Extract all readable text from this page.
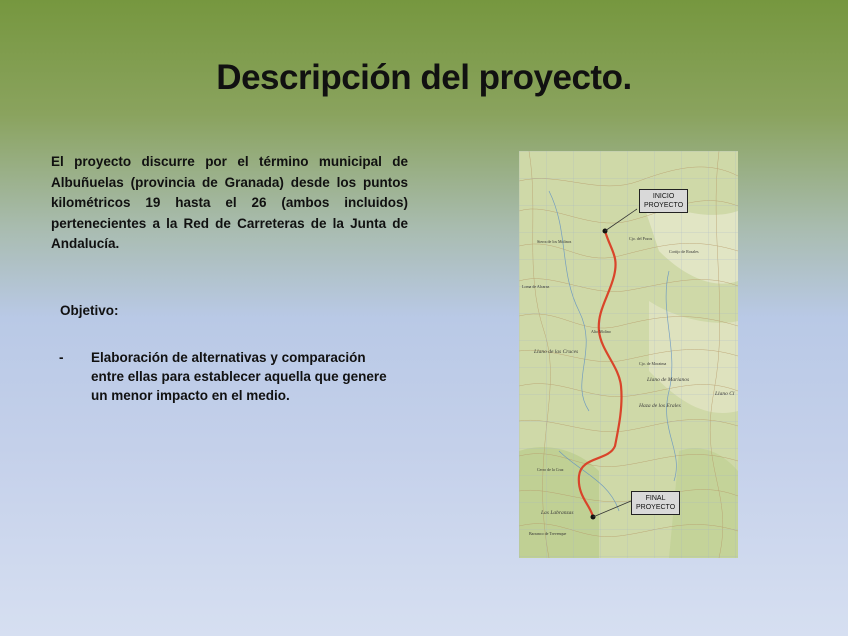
Descripción del proyecto.

El proyecto discurre por el término municipal de Albuñuelas (provincia de Granada) desde los puntos kilométricos 19 hasta el 26 (ambos incluidos) pertenecientes a la Red de Carreteras de la Junta de Andalucía.

Objetivo:

-	Elaboración de alternativas y comparación entre ellas para establecer aquella que genere un menor impacto en el medio.
INICIO
PROYECTO
FINAL
PROYECTO
Cjo. del Pozos
Sierra de los Molinos
Cortijo de Rosales
Loma de Alcaraz
Llano de las Cruces
Cjo. de Moraima
Llano de Marianos
Haza de los Erales
Llano Cl
Las Labranzas
Cerro de la Cruz
Alto Molino
Barranco de Trevenque
